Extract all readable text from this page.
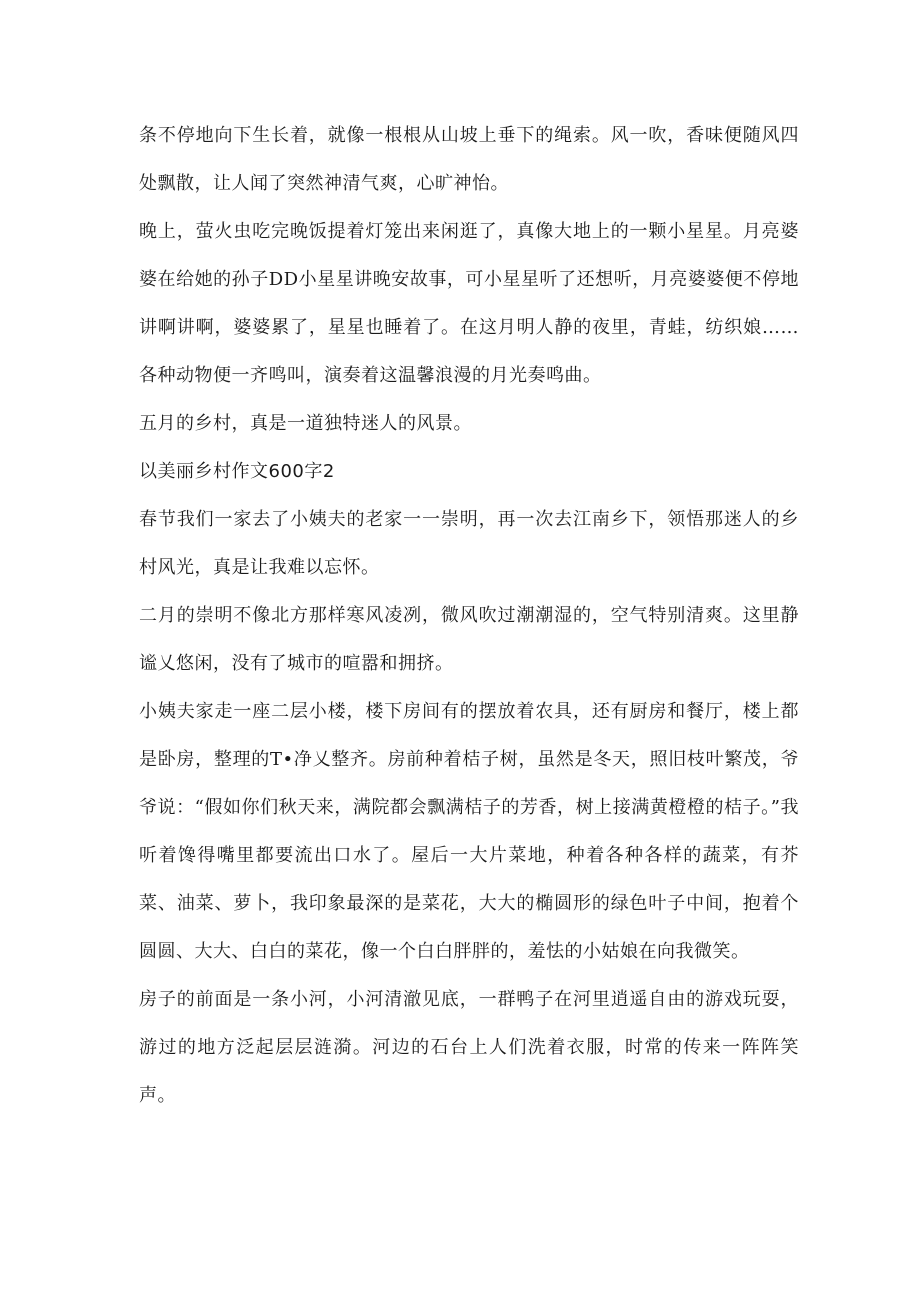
条不停地向下生长着，就像一根根从山坡上垂下的绳索。风一吹，香味便随风四处飘散，让人闻了突然神清气爽，心旷神怡。

晚上，萤火虫吃完晚饭提着灯笼出来闲逛了，真像大地上的一颗小星星。月亮婆婆在给她的孙子DD小星星讲晚安故事，可小星星听了还想听，月亮婆婆便不停地讲啊讲啊，婆婆累了，星星也睡着了。在这月明人静的夜里，青蛙，纺织娘……各种动物便一齐鸣叫，演奏着这温馨浪漫的月光奏鸣曲。

五月的乡村，真是一道独特迷人的风景。

以美丽乡村作文600字2

春节我们一家去了小姨夫的老家一一崇明，再一次去江南乡下，领悟那迷人的乡村风光，真是让我难以忘怀。

二月的崇明不像北方那样寒风凌冽，微风吹过潮潮湿的，空气特别清爽。这里静谧乂悠闲，没有了城市的喧嚣和拥挤。

小姨夫家走一座二层小楼，楼下房间有的摆放着农具，还有厨房和餐厅，楼上都是卧房，整理的T•净乂整齐。房前种着桔子树，虽然是冬天，照旧枝叶繁茂，爷爷说：“假如你们秋天来，满院都会飘满桔子的芳香，树上接满黄橙橙的桔子。”我听着馋得嘴里都要流出口水了。屋后一大片菜地，种着各种各样的蔬菜，有芥菜、油菜、萝卜，我印象最深的是菜花，大大的椭圆形的绿色叶子中间，抱着个圆圆、大大、白白的菜花，像一个白白胖胖的，羞怯的小姑娘在向我微笑。

房子的前面是一条小河，小河清澈见底，一群鸭子在河里逍遥自由的游戏玩耍，游过的地方泛起层层涟漪。河边的石台上人们洗着衣服，时常的传来一阵阵笑声。
